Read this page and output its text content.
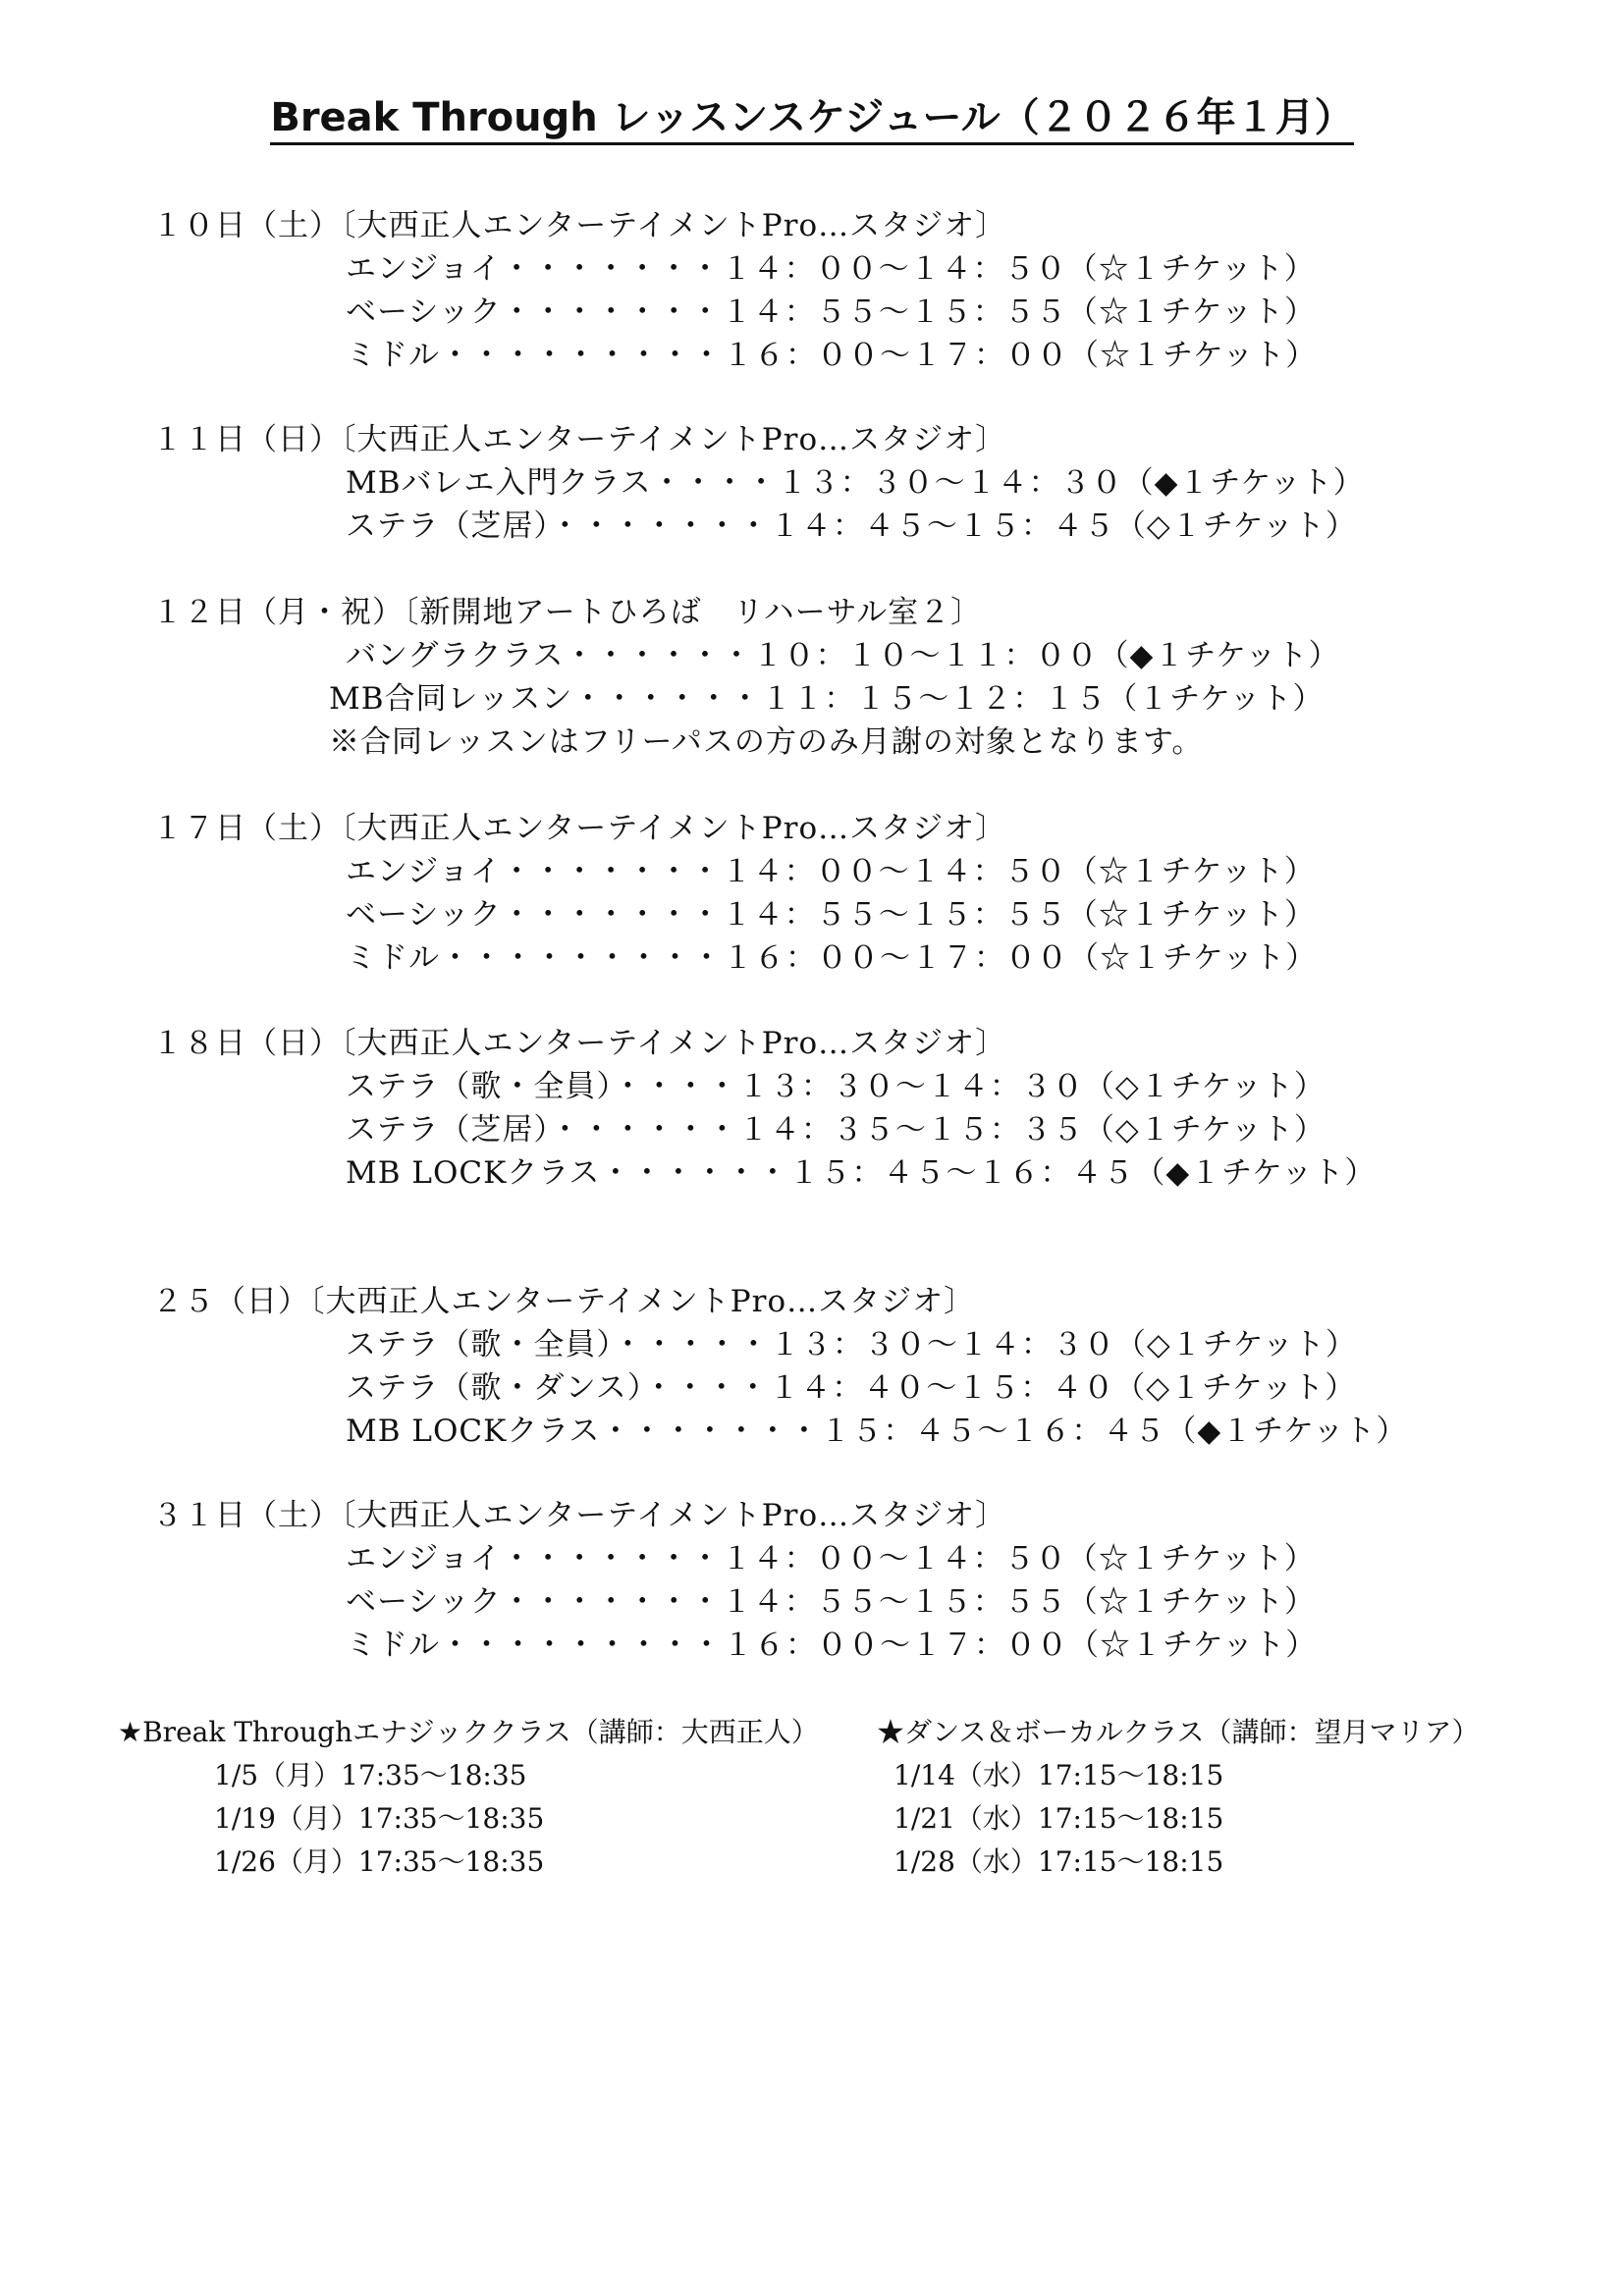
Break Through レッスンスケジュール（２０２６年１月）
１０日（土）〔大西正人エンターテイメントPro…スタジオ〕
エンジョイ・・・・・・・１４：００～１４：５０（☆１チケット）
ベーシック・・・・・・・１４：５５～１５：５５（☆１チケット）
ミドル・・・・・・・・・１６：００～１７：００（☆１チケット）
１１日（日）〔大西正人エンターテイメントPro…スタジオ〕
MBバレエ入門クラス・・・・１３：３０～１４：３０（◆１チケット）
ステラ（芝居）・・・・・・・１４：４５～１５：４５（◇１チケット）
１２日（月・祝）〔新開地アートひろば　リハーサル室２〕
バングラクラス・・・・・・１０：１０～１１：００（◆１チケット）
MB合同レッスン・・・・・・１１：１５～１２：１５（１チケット）
※合同レッスンはフリーパスの方のみ月謝の対象となります。
１７日（土）〔大西正人エンターテイメントPro…スタジオ〕
エンジョイ・・・・・・・１４：００～１４：５０（☆１チケット）
ベーシック・・・・・・・１４：５５～１５：５５（☆１チケット）
ミドル・・・・・・・・・１６：００～１７：００（☆１チケット）
１８日（日）〔大西正人エンターテイメントPro…スタジオ〕
ステラ（歌・全員）・・・・１３：３０～１４：３０（◇１チケット）
ステラ（芝居）・・・・・・１４：３５～１５：３５（◇１チケット）
MB LOCKクラス・・・・・・１５：４５～１６：４５（◆１チケット）
２５（日）〔大西正人エンターテイメントPro…スタジオ〕
ステラ（歌・全員）・・・・・１３：３０～１４：３０（◇１チケット）
ステラ（歌・ダンス）・・・・１４：４０～１５：４０（◇１チケット）
MB LOCKクラス・・・・・・・１５：４５～１６：４５（◆１チケット）
３１日（土）〔大西正人エンターテイメントPro…スタジオ〕
エンジョイ・・・・・・・１４：００～１４：５０（☆１チケット）
ベーシック・・・・・・・１４：５５～１５：５５（☆１チケット）
ミドル・・・・・・・・・１６：００～１７：００（☆１チケット）
★Break Throughエナジッククラス（講師：大西正人）
1/5（月）17:35～18:35
1/19（月）17:35～18:35
1/26（月）17:35～18:35
★ダンス＆ボーカルクラス（講師：望月マリア）
1/14（水）17:15～18:15
1/21（水）17:15～18:15
1/28（水）17:15～18:15
